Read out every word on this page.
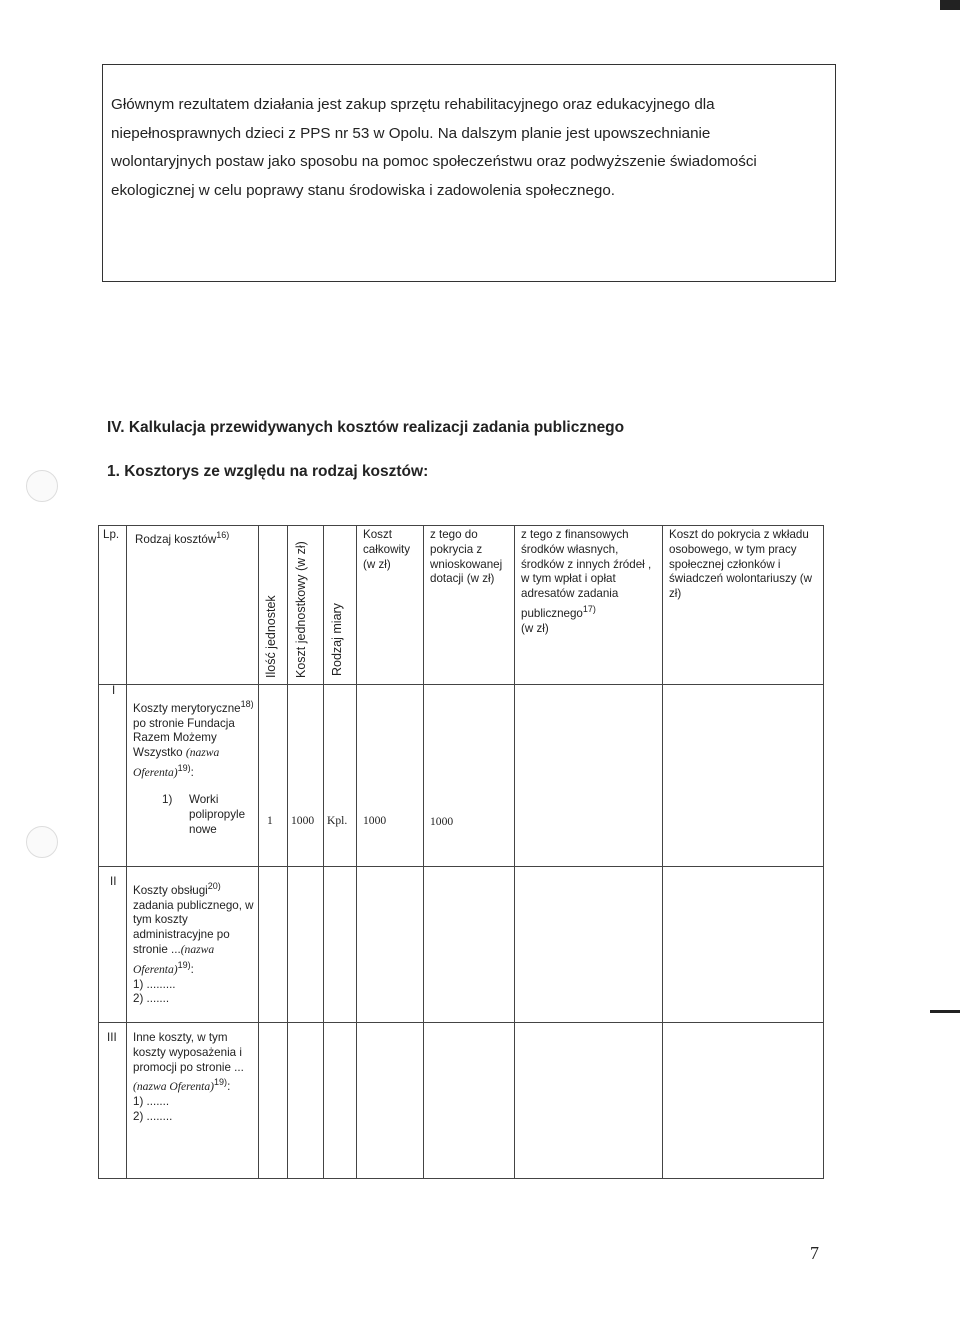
Głównym rezultatem działania jest zakup sprzętu rehabilitacyjnego oraz edukacyjnego dla niepełnosprawnych dzieci z PPS nr 53 w Opolu. Na dalszym planie jest upowszechnianie wolontaryjnych postaw jako sposobu na pomoc społeczeństwu oraz podwyższenie świadomości ekologicznej w celu poprawy stanu środowiska i zadowolenia społecznego.
IV. Kalkulacja przewidywanych kosztów realizacji zadania publicznego
1. Kosztorys ze względu na rodzaj kosztów:
Lp. Rodzaj kosztów$^{16)}$
Ilość jednostek Koszt jednostkowy (w zł) Rodzaj miary
Koszt całkowity (w zł)
z tego do pokrycia z wnioskowanej dotacji (w zł)
z tego z finansowych środków własnych, środków z innych źródeł , w tym wpłat i opłat adresatów zadania publicznego$^{17)}$
(w zł)
Koszt do pokrycia z wkładu osobowego, w tym pracy społecznej członków i świadczeń wolontariuszy (w zł)
I
Koszty merytoryczne$^{18)}$ po stronie Fundacja Razem Możemy Wszystko (nazwa Oferenta)$^{19)}$:
1) Worki polipropyle nowe
1 1000 Kpl. 1000	1000
II
Koszty obsługi$^{20)}$ zadania publicznego, w tym koszty administracyjne po stronie ...(nazwa Oferenta)$^{19)}$:
1) .........
2) .......
III Inne koszty, w tym koszty wyposażenia i promocji po stronie ... (nazwa Oferenta)$^{19)}$:
1) .......
2) ........
7
